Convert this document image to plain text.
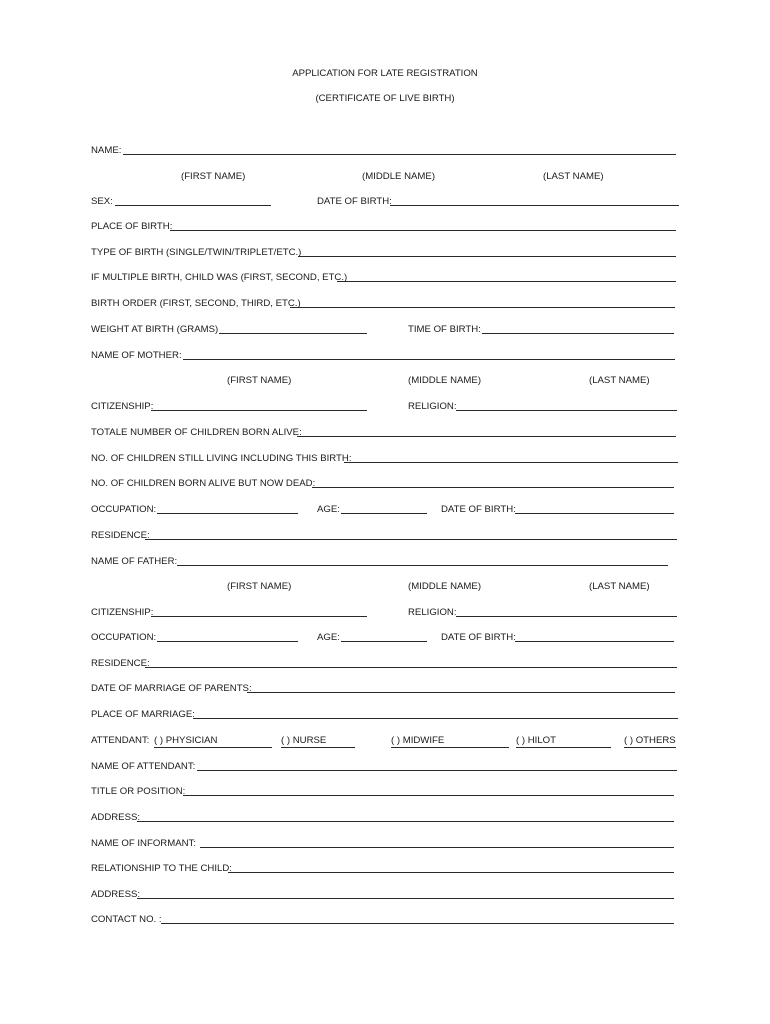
APPLICATION FOR LATE REGISTRATION
(CERTIFICATE OF LIVE BIRTH)
NAME:
(FIRST NAME)	(MIDDLE NAME)	(LAST NAME)
SEX:	DATE OF BIRTH:
PLACE OF BIRTH:
TYPE OF BIRTH (SINGLE/TWIN/TRIPLET/ETC.)
IF MULTIPLE BIRTH, CHILD WAS (FIRST, SECOND, ETC.)
BIRTH ORDER (FIRST, SECOND, THIRD, ETC.)
WEIGHT AT BIRTH (GRAMS)	TIME OF BIRTH:
NAME OF MOTHER:
(FIRST NAME)	(MIDDLE NAME)	(LAST NAME)
CITIZENSHIP:	RELIGION:
TOTALE NUMBER OF CHILDREN BORN ALIVE:
NO. OF CHILDREN STILL LIVING INCLUDING THIS BIRTH:
NO. OF CHILDREN BORN ALIVE BUT NOW DEAD:
OCCUPATION:	AGE:	DATE OF BIRTH:
RESIDENCE:
NAME OF FATHER:
(FIRST NAME)	(MIDDLE NAME)	(LAST NAME)
CITIZENSHIP:	RELIGION:
OCCUPATION:	AGE:	DATE OF BIRTH:
RESIDENCE:
DATE OF MARRIAGE OF PARENTS:
PLACE OF MARRIAGE:
ATTENDANT: ( ) PHYSICIAN	( ) NURSE	( ) MIDWIFE	( ) HILOT	( ) OTHERS
NAME OF ATTENDANT:
TITLE OR POSITION:
ADDRESS:
NAME OF INFORMANT:
RELATIONSHIP TO THE CHILD:
ADDRESS:
CONTACT NO. :
